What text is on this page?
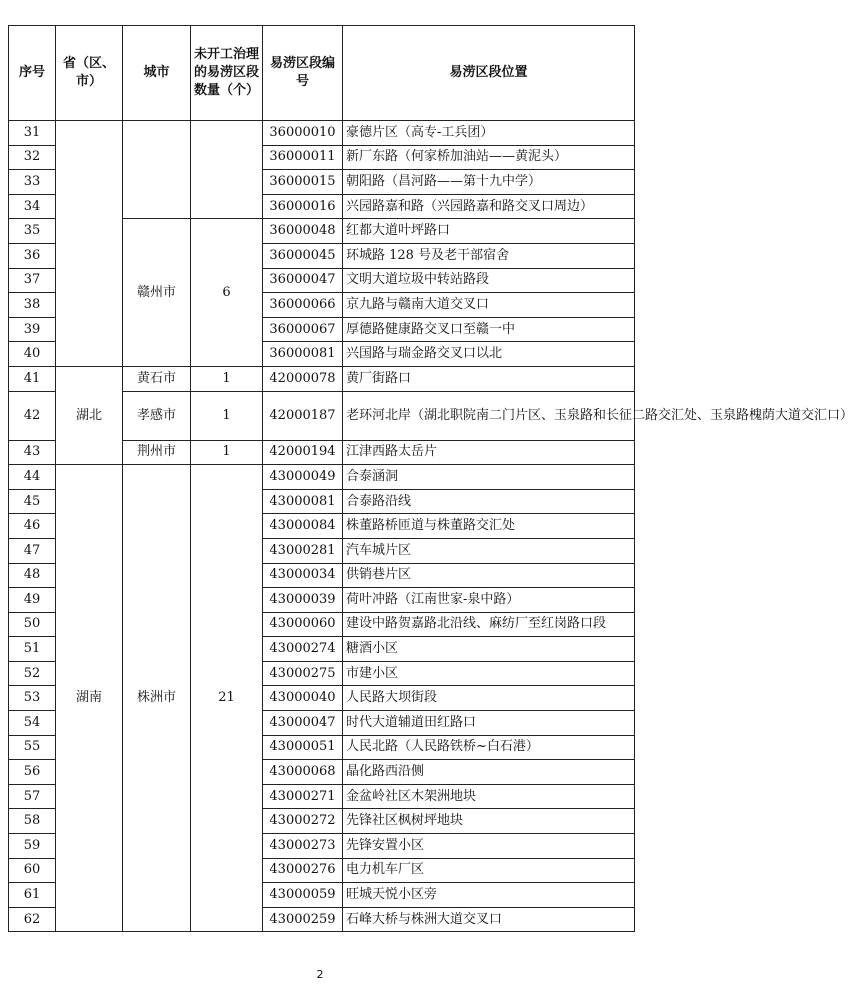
序号	省（区、市）	城市	未开工治理的易涝区段数量（个）	易涝区段编号	易涝区段位置
31				36000010	豪德片区（高专-工兵团）
32				36000011	新厂东路（何家桥加油站——黄泥头）
33				36000015	朝阳路（昌河路——第十九中学）
34				36000016	兴园路嘉和路（兴园路嘉和路交叉口周边）
35		赣州市	6	36000048	红都大道叶坪路口
36				36000045	环城路 128 号及老干部宿舍
37				36000047	文明大道垃圾中转站路段
38				36000066	京九路与赣南大道交叉口
39				36000067	厚德路健康路交叉口至赣一中
40				36000081	兴国路与瑞金路交叉口以北
41	湖北	黄石市	1	42000078	黄厂街路口
42		孝感市	1	42000187	老环河北岸（湖北职院南二门片区、玉泉路和长征二路交汇处、玉泉路槐荫大道交汇口）
43		荆州市	1	42000194	江津西路太岳片
44	湖南	株洲市	21	43000049	合泰涵洞
45				43000081	合泰路沿线
46				43000084	株董路桥匝道与株董路交汇处
47				43000281	汽车城片区
48				43000034	供销巷片区
49				43000039	荷叶冲路（江南世家-泉中路）
50				43000060	建设中路贺嘉路北沿线、麻纺厂至红岗路口段
51				43000274	糖酒小区
52				43000275	市建小区
53				43000040	人民路大坝街段
54				43000047	时代大道辅道田红路口
55				43000051	人民北路（人民路铁桥~白石港）
56				43000068	晶化路西沿侧
57				43000271	金盆岭社区木架洲地块
58				43000272	先锋社区枫树坪地块
59				43000273	先锋安置小区
60				43000276	电力机车厂区
61				43000059	旺城天悦小区旁
62				43000259	石峰大桥与株洲大道交叉口
2
